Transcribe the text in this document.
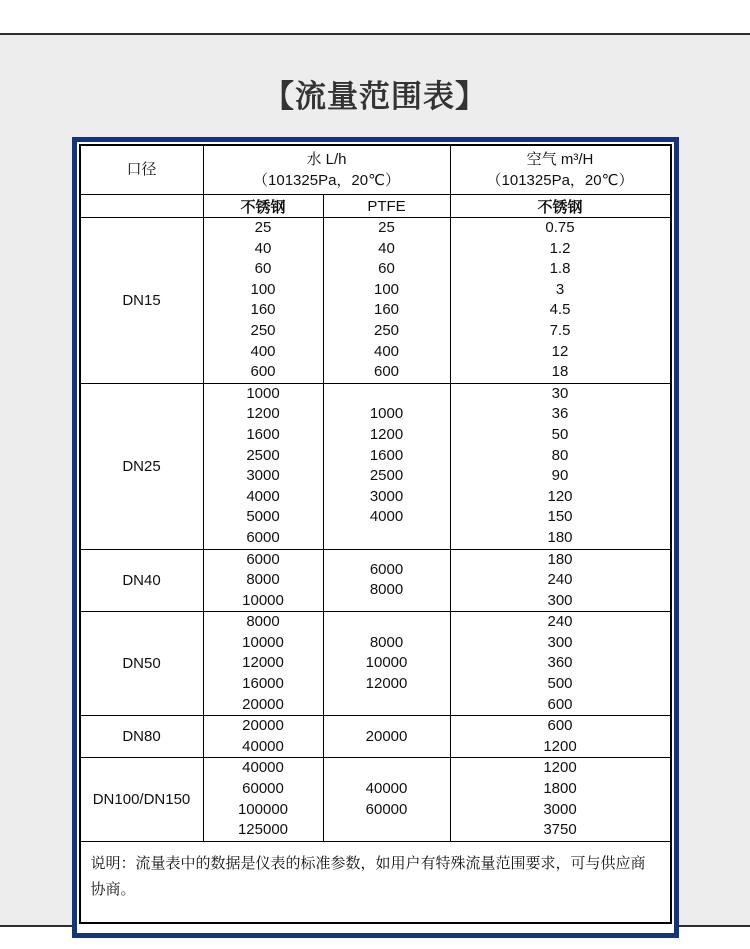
【流量范围表】
口径
水 L/h
（101325Pa，20℃）
空气 m³/H
（101325Pa，20℃）
不锈钢	PTFE	不锈钢
DN15
25
40
60
100
160
250
400
600
25
40
60
100
160
250
400
600
0.75
1.2
1.8
3
4.5
7.5
12
18
DN25
1000
1200
1600
2500
3000
4000
5000
6000
1000
1200
1600
2500
3000
4000
30
36
50
80
90
120
150
180
DN40
6000
8000
10000
6000
8000
180
240
300
DN50
8000
10000
12000
16000
20000
8000
10000
12000
240
300
360
500
600
DN80
20000
40000
20000
600
1200
DN100/DN150
40000
60000
100000
125000
40000
60000
1200
1800
3000
3750
说明：流量表中的数据是仪表的标准参数，如用户有特殊流量范围要求，可与供应商协商。
